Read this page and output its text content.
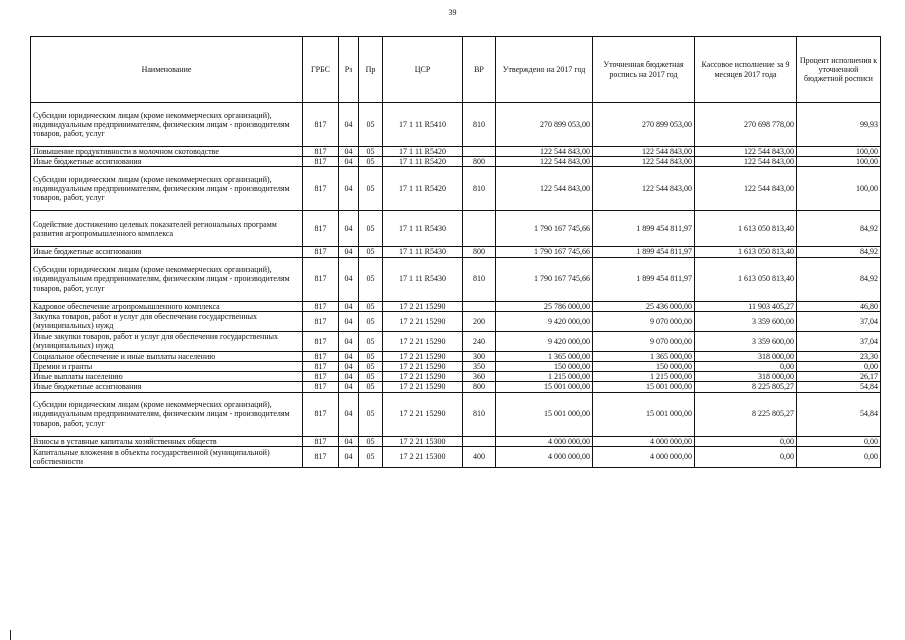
39
Наименование	ГРБС	Рз	Пр	ЦСР	ВР	Утверждено на 2017 год	Уточненная бюджетная роспись на 2017 год	Кассовое исполнение за 9 месяцев 2017 года	Процент исполнения к уточненной бюджетной росписи
Субсидии юридическим лицам (кроме некоммерческих организаций), индивидуальным предпринимателям, физическим лицам - производителям товаров, работ, услуг	817	04	05	17 1 11 R5410	810	270 899 053,00	270 899 053,00	270 698 778,00	99,93
Повышение продуктивности в молочном скотоводстве	817	04	05	17 1 11 R5420		122 544 843,00	122 544 843,00	122 544 843,00	100,00
Иные бюджетные ассигнования	817	04	05	17 1 11 R5420	800	122 544 843,00	122 544 843,00	122 544 843,00	100,00
Субсидии юридическим лицам (кроме некоммерческих организаций), индивидуальным предпринимателям, физическим лицам - производителям товаров, работ, услуг	817	04	05	17 1 11 R5420	810	122 544 843,00	122 544 843,00	122 544 843,00	100,00
Содействие достижению целевых показателей региональных программ развития агропромышленного комплекса	817	04	05	17 1 11 R5430		1 790 167 745,66	1 899 454 811,97	1 613 050 813,40	84,92
Иные бюджетные ассигнования	817	04	05	17 1 11 R5430	800	1 790 167 745,66	1 899 454 811,97	1 613 050 813,40	84,92
Субсидии юридическим лицам (кроме некоммерческих организаций), индивидуальным предпринимателям, физическим лицам - производителям товаров, работ, услуг	817	04	05	17 1 11 R5430	810	1 790 167 745,66	1 899 454 811,97	1 613 050 813,40	84,92
Кадровое обеспечение агропромышленного комплекса	817	04	05	17 2 21 15290		25 786 000,00	25 436 000,00	11 903 405,27	46,80
Закупка товаров, работ и услуг для обеспечения государственных (муниципальных) нужд	817	04	05	17 2 21 15290	200	9 420 000,00	9 070 000,00	3 359 600,00	37,04
Иные закупки товаров, работ и услуг для обеспечения государственных (муниципальных) нужд	817	04	05	17 2 21 15290	240	9 420 000,00	9 070 000,00	3 359 600,00	37,04
Социальное обеспечение и иные выплаты населению	817	04	05	17 2 21 15290	300	1 365 000,00	1 365 000,00	318 000,00	23,30
Премии и гранты	817	04	05	17 2 21 15290	350	150 000,00	150 000,00	0,00	0,00
Иные выплаты населению	817	04	05	17 2 21 15290	360	1 215 000,00	1 215 000,00	318 000,00	26,17
Иные бюджетные ассигнования	817	04	05	17 2 21 15290	800	15 001 000,00	15 001 000,00	8 225 805,27	54,84
Субсидии юридическим лицам (кроме некоммерческих организаций), индивидуальным предпринимателям, физическим лицам - производителям товаров, работ, услуг	817	04	05	17 2 21 15290	810	15 001 000,00	15 001 000,00	8 225 805,27	54,84
Взносы в уставные капиталы хозяйственных обществ	817	04	05	17 2 21 15300		4 000 000,00	4 000 000,00	0,00	0,00
Капитальные вложения в объекты государственной (муниципальной) собственности	817	04	05	17 2 21 15300	400	4 000 000,00	4 000 000,00	0,00	0,00
